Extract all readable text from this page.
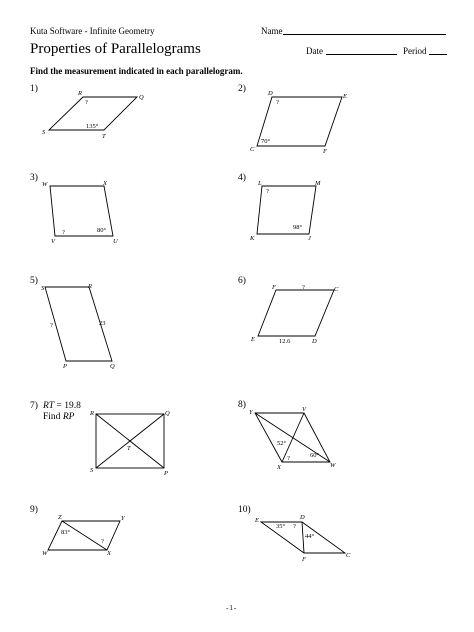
Kuta Software - Infinite Geometry	Name
Properties of Parallelograms	Date	Period
Find the measurement indicated in each parallelogram.
1)	2)
3)	4)
5)	6)
7)	8)
9)	10)
RT = 19.8
Find RP
R
Q
S
T
D	E
C	F
W	X
V	U
L	M
K	J
S	R
P	Q
F	C
E	D
R	Q
T
S	P
Y	V
X	W
Z	Y
W	X
E	D
F
C
?
135°
?
70°
?	80°
?
98°
?	23
?
12.6
52°
?	60°
83°
?
35° ?
44°
-1-
